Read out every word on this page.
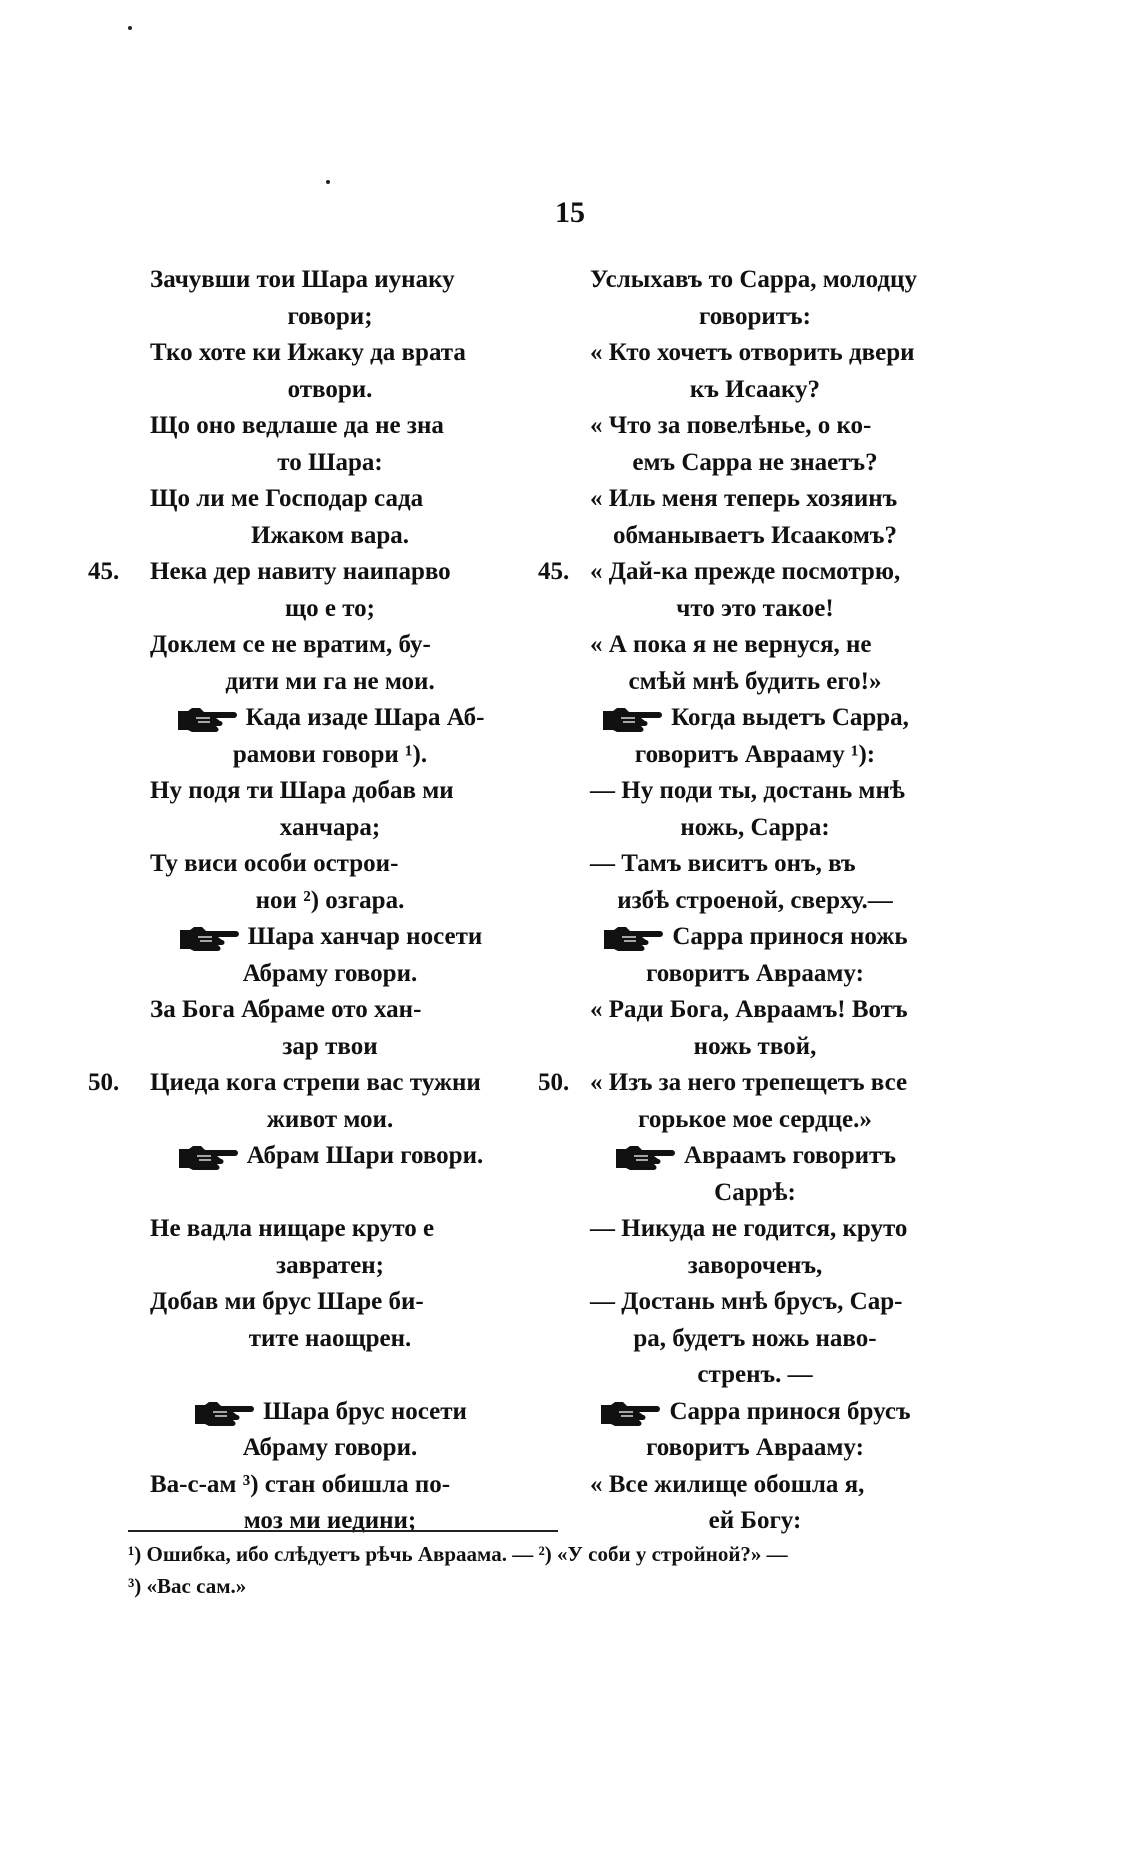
15
Зачувши тои Шара иунаку
говори;
Тко хоте ки Ижаку да врата
отвори.
Що оно ведлаше да не зна
то Шара:
Що ли ме Господар сада
Ижаком вара.
45. Нека дер навиту наипарво
що е то;
Доклем се не вратим, бу-
дити ми га не мои.
Када изаде Шара Аб-
рамови говори ¹).
Ну подя ти Шара добав ми
ханчара;
Ту виси особи острои-
нои ²) озгара.
Шара ханчар носети
Абраму говори.
За Бога Абраме ото хан-
зар твои
50. Циеда кога стрепи вас тужни
живот мои.
Абрам Шари говори.
Не вадла нищаре круто е
завратен;
Добав ми брус Шаре би-
тите наощрен.
Шара брус носети
Абраму говори.
Ва-с-ам ³) стан обишла по-
моз ми иедини;
Услыхавъ то Сарра, молодцу
говоритъ:
« Кто хочетъ отворить двери
къ Исааку?
« Что за повелѣнье, о ко-
емъ Сарра не знаетъ?
« Иль меня теперь хозяинъ
обманываетъ Исаакомъ?
45. « Дай-ка прежде посмотрю,
что это такое!
« А пока я не вернуся, не
смѣй мнѣ будить его!»
Когда выдетъ Сарра,
говоритъ Аврааму ¹):
— Ну поди ты, достань мнѣ
ножь, Сарра:
— Тамъ виситъ онъ, въ
избѣ строеной, сверху.—
Сарра принося ножь
говоритъ Аврааму:
« Ради Бога, Авраамъ! Вотъ
ножь твой,
50. « Изъ за него трепещетъ все
горькое мое сердце.»
Авраамъ говоритъ
Саррѣ:
— Никуда не годится, круто
завороченъ,
— Достань мнѣ брусъ, Сар-
ра, будетъ ножь наво-
стренъ. —
Сарра принося брусъ
говоритъ Аврааму:
« Все жилище обошла я,
ей Богу:
¹) Ошибка, ибо слѣдуетъ рѣчь Авраама. — ²) «У соби у стройной?» —
³) «Вас сам.»
